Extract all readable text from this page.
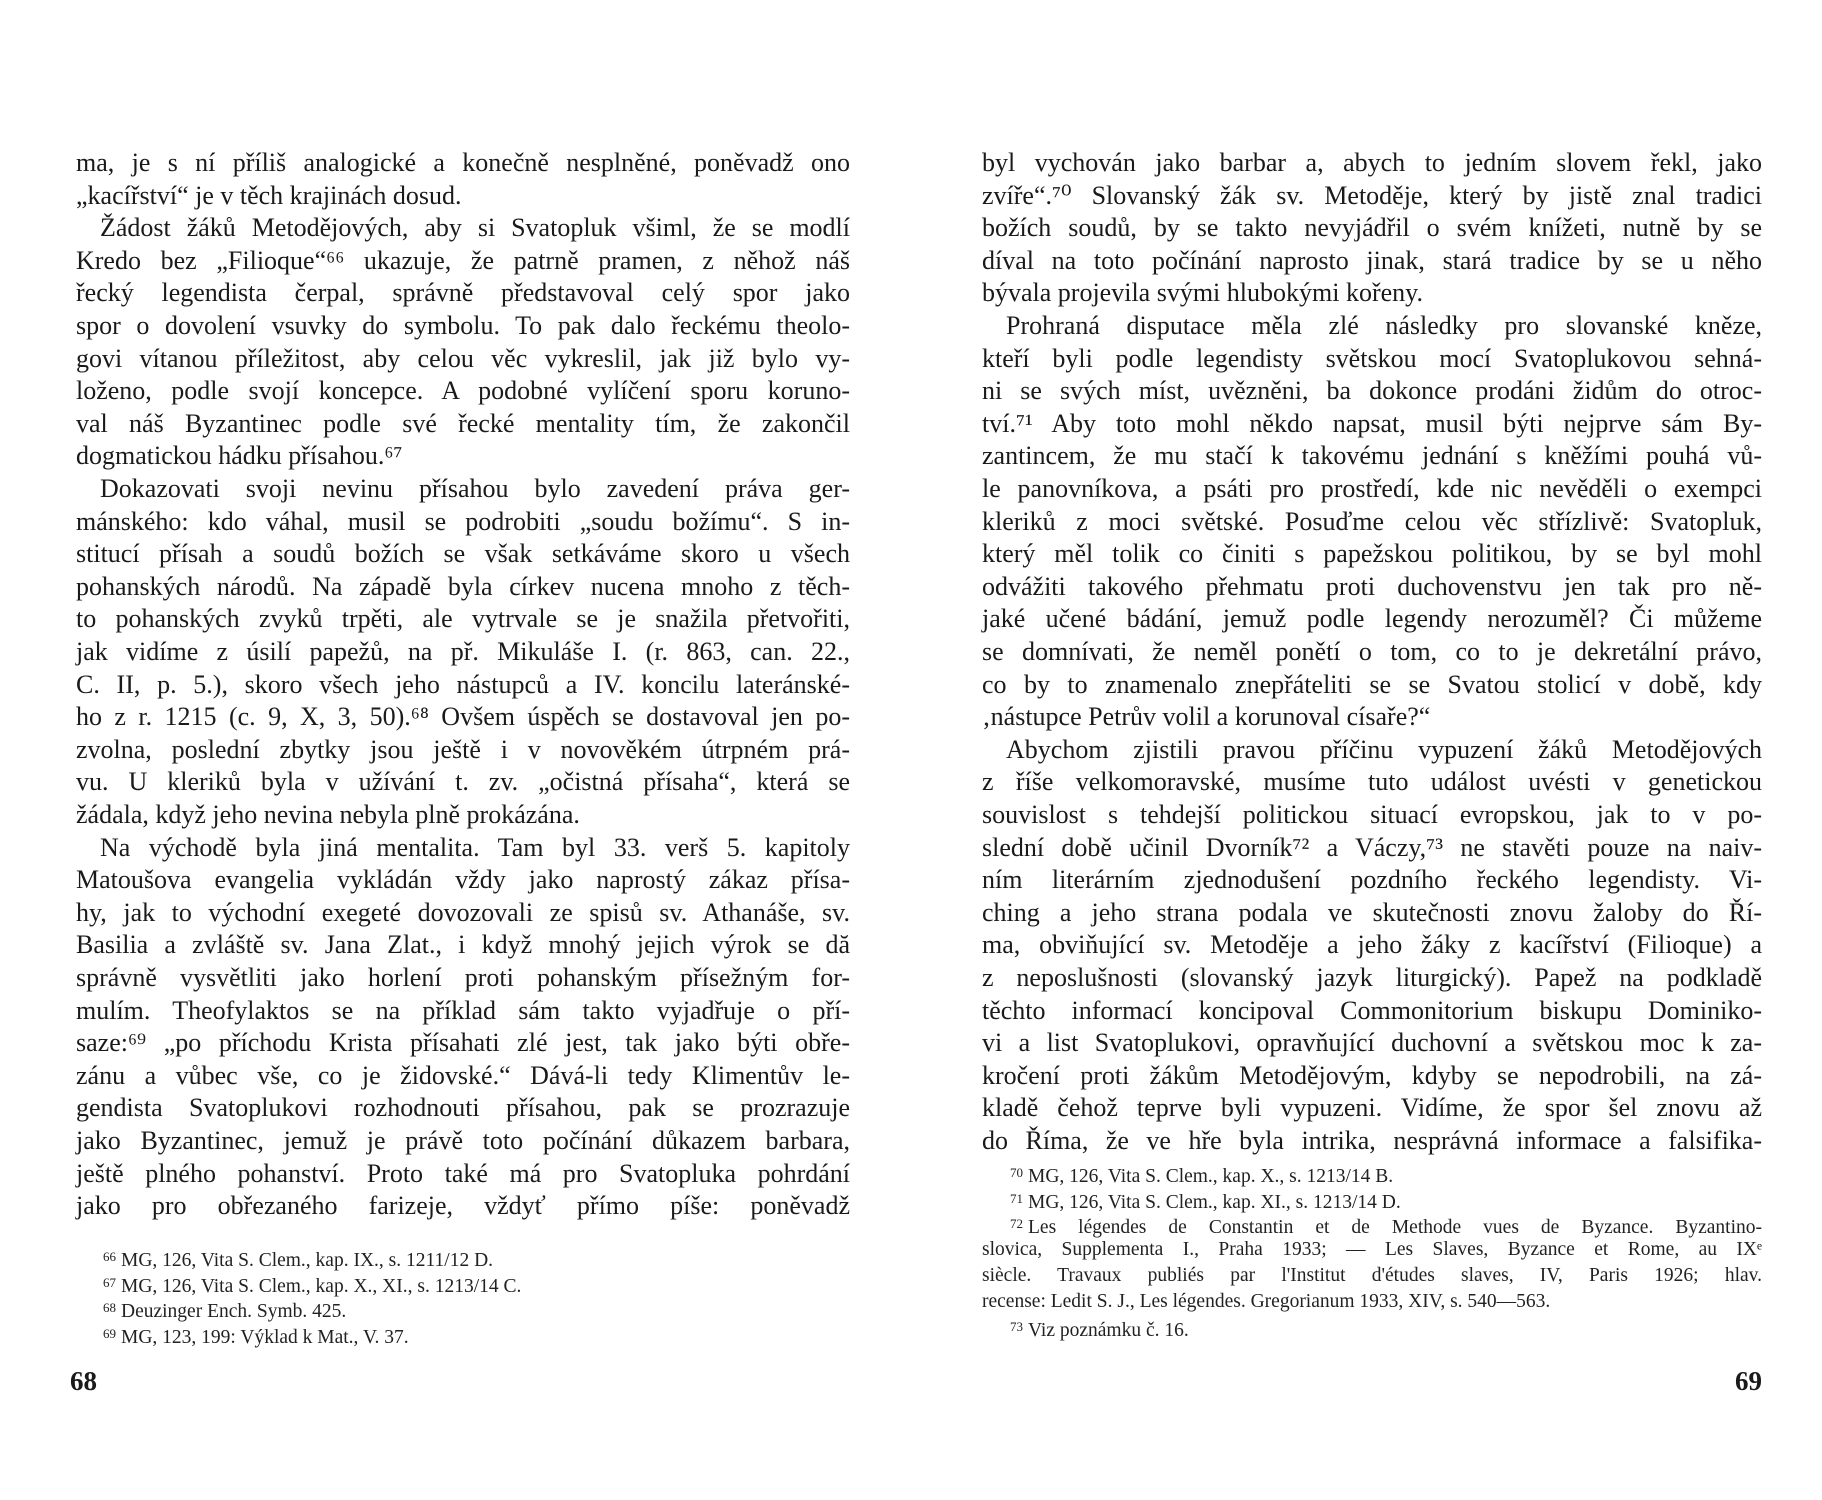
ma, je s ní příliš analogické a konečně nesplněné, poněvadž ono
„kacířství“ je v těch krajinách dosud.
Žádost žáků Metodějových, aby si Svatopluk všiml, že se modlí
Kredo bez „Filioque“⁶⁶ ukazuje, že patrně pramen, z něhož náš
řecký legendista čerpal, správně představoval celý spor jako
spor o dovolení vsuvky do symbolu. To pak dalo řeckému theolo-
govi vítanou příležitost, aby celou věc vykreslil, jak již bylo vy-
loženo, podle svojí koncepce. A podobné vylíčení sporu koruno-
val náš Byzantinec podle své řecké mentality tím, že zakončil
dogmatickou hádku přísahou.⁶⁷
Dokazovati svoji nevinu přísahou bylo zavedení práva ger-
mánského: kdo váhal, musil se podrobiti „soudu božímu“. S in-
stitucí přísah a soudů božích se však setkáváme skoro u všech
pohanských národů. Na západě byla církev nucena mnoho z těch-
to pohanských zvyků trpěti, ale vytrvale se je snažila přetvořiti,
jak vidíme z úsilí papežů, na př. Mikuláše I. (r. 863, can. 22.,
C. II, p. 5.), skoro všech jeho nástupců a IV. koncilu lateránské-
ho z r. 1215 (c. 9, X, 3, 50).⁶⁸ Ovšem úspěch se dostavoval jen po-
zvolna, poslední zbytky jsou ještě i v novověkém útrpném prá-
vu. U kleriků byla v užívání t. zv. „očistná přísaha“, která se
žádala, když jeho nevina nebyla plně prokázána.
Na východě byla jiná mentalita. Tam byl 33. verš 5. kapitoly
Matoušova evangelia vykládán vždy jako naprostý zákaz přísa-
hy, jak to východní exegeté dovozovali ze spisů sv. Athanáše, sv.
Basilia a zvláště sv. Jana Zlat., i když mnohý jejich výrok se dă
správně vysvětliti jako horlení proti pohanským přísežným for-
mulím. Theofylaktos se na příklad sám takto vyjadřuje o pří-
saze:⁶⁹ „po příchodu Krista přísahati zlé jest, tak jako býti obře-
zánu a vůbec vše, co je židovské.“ Dává-li tedy Klimentův le-
gendista Svatoplukovi rozhodnouti přísahou, pak se prozrazuje
jako Byzantinec, jemuž je právě toto počínání důkazem barbara,
ještě plného pohanství. Proto také má pro Svatopluka pohrdání
jako pro obřezaného farizeje, vždyť přímo píše: poněvadž
$^{66}$ MG, 126, Vita S. Clem., kap. IX., s. 1211/12 D.
$^{67}$ MG, 126, Vita S. Clem., kap. X., XI., s. 1213/14 C.
$^{68}$ Deuzinger Ench. Symb. 425.
$^{69}$ MG, 123, 199: Výklad k Mat., V. 37.
68
byl vychován jako barbar a, abych to jedním slovem řekl, jako
zvíře“.⁷⁰ Slovanský žák sv. Metoděje, který by jistě znal tradici
božích soudů, by se takto nevyjádřil o svém knížeti, nutně by se
díval na toto počínání naprosto jinak, stará tradice by se u něho
bývala projevila svými hlubokými kořeny.
Prohraná disputace měla zlé následky pro slovanské kněze,
kteří byli podle legendisty světskou mocí Svatoplukovou sehná-
ni se svých míst, uvězněni, ba dokonce prodáni židům do otroc-
tví.⁷¹ Aby toto mohl někdo napsat, musil býti nejprve sám By-
zantincem, že mu stačí k takovému jednání s kněžími pouhá vů-
le panovníkova, a psáti pro prostředí, kde nic nevěděli o exempci
kleriků z moci světské. Posuďme celou věc střízlivě: Svatopluk,
který měl tolik co činiti s papežskou politikou, by se byl mohl
odvážiti takového přehmatu proti duchovenstvu jen tak pro ně-
jaké učené bádání, jemuž podle legendy nerozuměl? Či můžeme
se domnívati, že neměl ponětí o tom, co to je dekretální právo,
co by to znamenalo znepřáteliti se se Svatou stolicí v době, kdy
‚nástupce Petrův volil a korunoval císaře?“
Abychom zjistili pravou příčinu vypuzení žáků Metodějových
z říše velkomoravské, musíme tuto událost uvésti v genetickou
souvislost s tehdejší politickou situací evropskou, jak to v po-
slední době učinil Dvorník⁷² a Váczy,⁷³ ne stavěti pouze na naiv-
ním literárním zjednodušení pozdního řeckého legendisty. Vi-
ching a jeho strana podala ve skutečnosti znovu žaloby do Ří-
ma, obviňující sv. Metoděje a jeho žáky z kacířství (Filioque) a
z neposlušnosti (slovanský jazyk liturgický). Papež na podkladě
těchto informací koncipoval Commonitorium biskupu Dominiko-
vi a list Svatoplukovi, opravňující duchovní a světskou moc k za-
kročení proti žákům Metodějovým, kdyby se nepodrobili, na zá-
kladě čehož teprve byli vypuzeni. Vidíme, že spor šel znovu až
do Říma, že ve hře byla intrika, nesprávná informace a falsifika-
$^{70}$ MG, 126, Vita S. Clem., kap. X., s. 1213/14 B.
$^{71}$ MG, 126, Vita S. Clem., kap. XI., s. 1213/14 D.
$^{72}$ Les légendes de Constantin et de Methode vues de Byzance. Byzantino-
slovica, Supplementa I., Praha 1933; — Les Slaves, Byzance et Rome, au IXᵉ
siècle. Travaux publiés par l'Institut d'études slaves, IV, Paris 1926; hlav.
recense: Ledit S. J., Les légendes. Gregorianum 1933, XIV, s. 540—563.
$^{73}$ Viz poznámku č. 16.
69
